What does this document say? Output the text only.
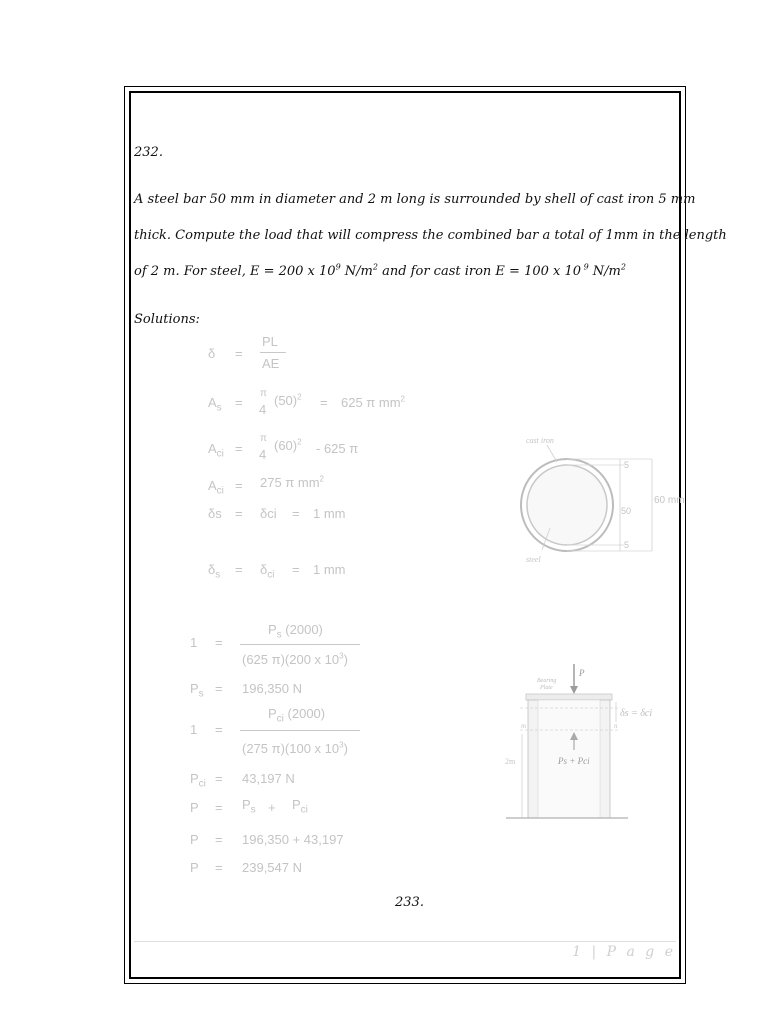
232.
A steel bar 50 mm in diameter and 2 m long is surrounded by shell of cast iron 5 mm
thick. Compute the load that will compress the combined bar a total of 1mm in the length
of 2 m. For steel, E = 200 x $10^9$ $N/m^2$ and for cast iron E = 100 x 10 $^9$ $N/m^2$
Solutions:
δ =
PL
AE
$A_s$ =
π
4
$(50)^2 = 625$ π $mm^2$
$A_{ci}$ =
π
4
$(60)^2 - 625$ π
$A_{ci} = 275$ π $mm^2$
δs = δci = 1 mm
$\delta_s = \delta_{ci} = 1$ mm
1 =
$P_s$ (2000)
(625 π)(200 x $10^3$)
$P_s = 196,350$ N
1 =
$P_{ci}$ (2000)
(275 π)(100 x $10^3$)
$P_{ci} = 43,197$ N
$P = P_s + P_{ci}$
P = 196,350 + 43,197
P = 239,547 N
cast iron
steel
5
50
5
60 mm
P
Bearing
Plate
m	n
δs = δci
Ps + Pci
2m
233.
1 | P a g e
